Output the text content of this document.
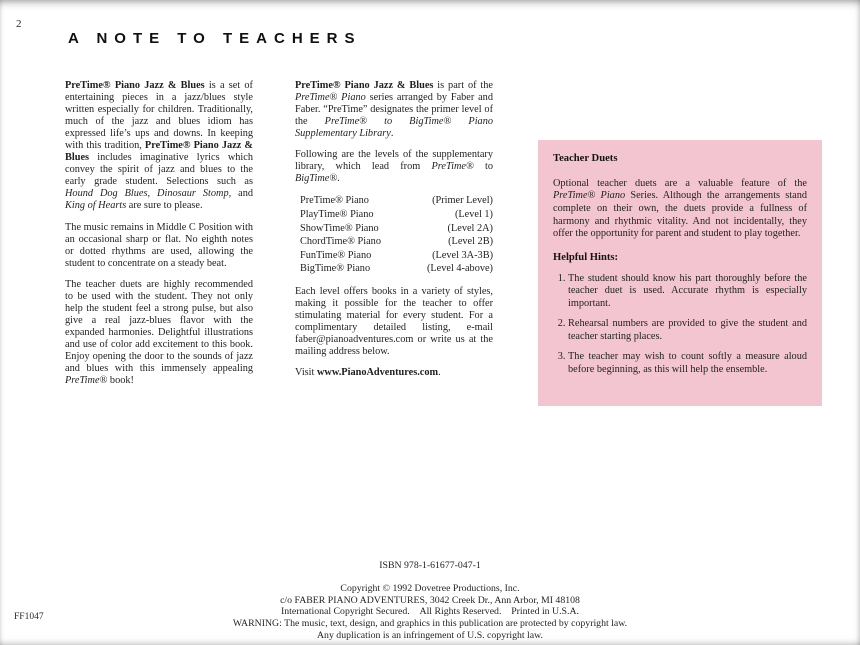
2
A NOTE TO TEACHERS

PreTime® Piano Jazz & Blues is a set of entertaining pieces in a jazz/blues style written especially for children. Traditionally, much of the jazz and blues idiom has expressed life’s ups and downs. In keeping with this tradition, PreTime® Piano Jazz & Blues includes imaginative lyrics which convey the spirit of jazz and blues to the early grade student. Selections such as Hound Dog Blues, Dinosaur Stomp, and King of Hearts are sure to please.

The music remains in Middle C Position with an occasional sharp or flat. No eighth notes or dotted rhythms are used, allowing the student to concentrate on a steady beat.

The teacher duets are highly recommended to be used with the student. They not only help the student feel a strong pulse, but also give a real jazz-blues flavor with the expanded harmonies. Delightful illustrations and use of color add excitement to this book. Enjoy opening the door to the sounds of jazz and blues with this immensely appealing PreTime® book!

PreTime® Piano Jazz & Blues is part of the PreTime® Piano series arranged by Faber and Faber. “PreTime” designates the primer level of the PreTime® to BigTime® Piano Supplementary Library.

Following are the levels of the supplementary library, which lead from PreTime® to BigTime®.

PreTime® Piano	(Primer Level)
PlayTime® Piano	(Level 1)
ShowTime® Piano	(Level 2A)
ChordTime® Piano	(Level 2B)
FunTime® Piano	(Level 3A-3B)
BigTime® Piano	(Level 4-above)

Each level offers books in a variety of styles, making it possible for the teacher to offer stimulating material for every student. For a complimentary detailed listing, e-mail faber@pianoadventures.com or write us at the mailing address below.

Visit www.PianoAdventures.com.

Teacher Duets

Optional teacher duets are a valuable feature of the PreTime® Piano Series. Although the arrangements stand complete on their own, the duets provide a fullness of harmony and rhythmic vitality. And not incidentally, they offer the opportunity for parent and student to play together.

Helpful Hints:
1. The student should know his part thoroughly before the teacher duet is used. Accurate rhythm is especially important.
2. Rehearsal numbers are provided to give the student and teacher starting places.
3. The teacher may wish to count softly a measure aloud before beginning, as this will help the ensemble.
ISBN 978-1-61677-047-1
Copyright © 1992 Dovetree Productions, Inc.
c/o FABER PIANO ADVENTURES, 3042 Creek Dr., Ann Arbor, MI 48108
International Copyright Secured.  All Rights Reserved.  Printed in U.S.A.
WARNING: The music, text, design, and graphics in this publication are protected by copyright law.
Any duplication is an infringement of U.S. copyright law.
FF1047
